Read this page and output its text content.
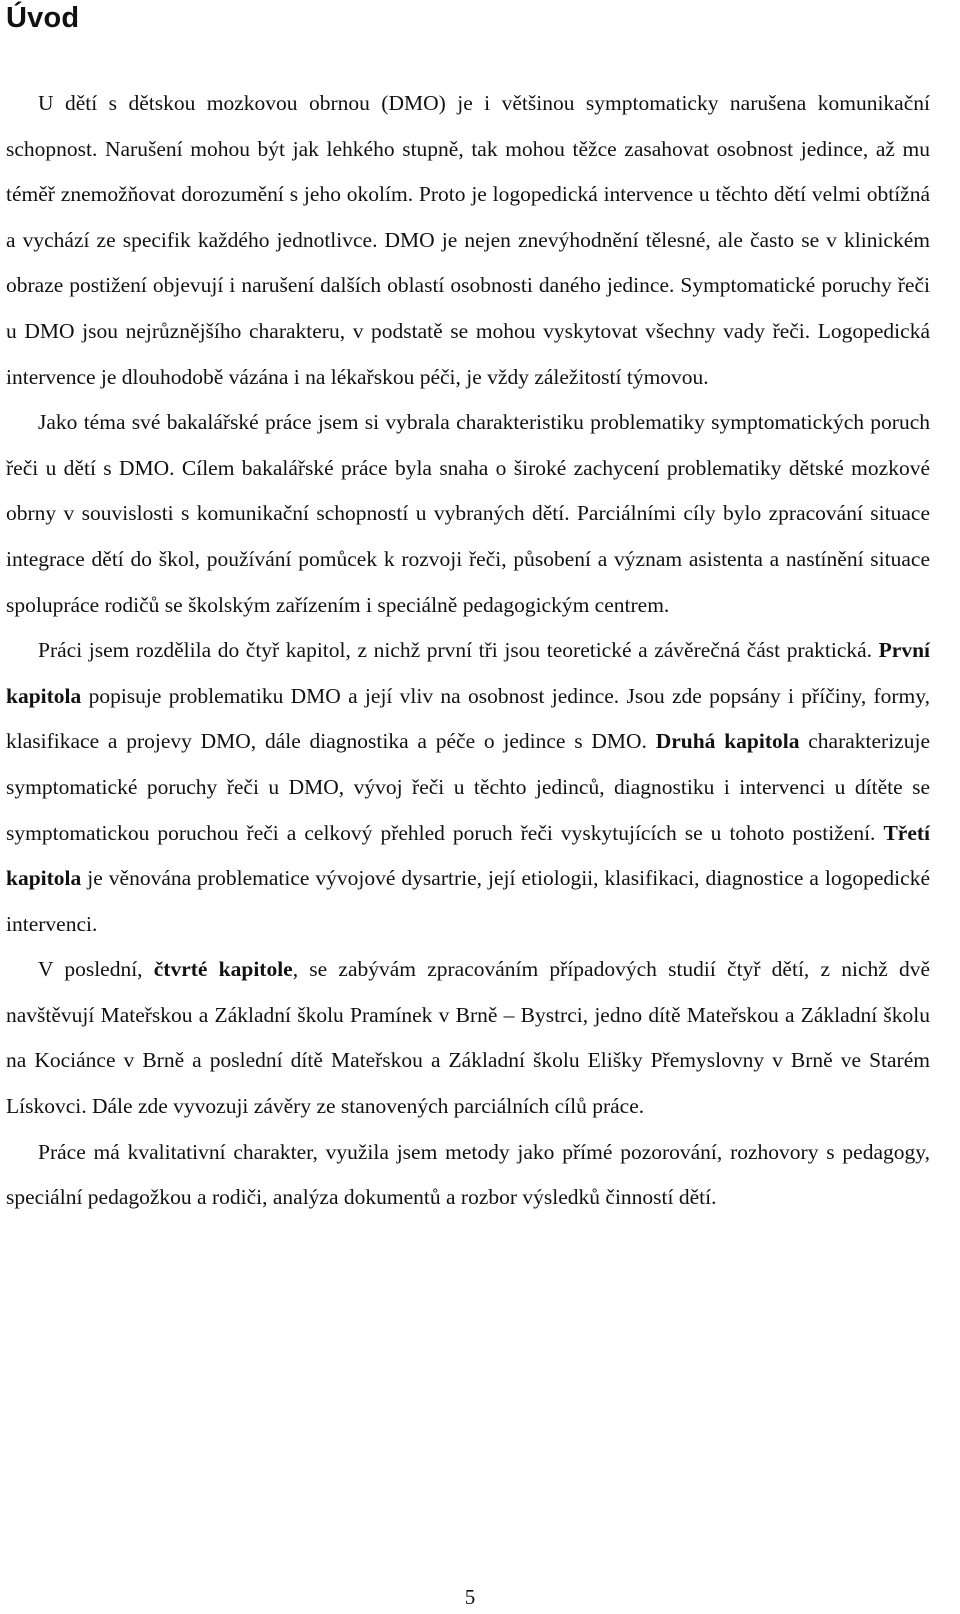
Úvod

U dětí s dětskou mozkovou obrnou (DMO) je i většinou symptomaticky narušena komunikační schopnost. Narušení mohou být jak lehkého stupně, tak mohou těžce zasahovat osobnost jedince, až mu téměř znemožňovat dorozumění s jeho okolím. Proto je logopedická intervence u těchto dětí velmi obtížná a vychází ze specifik každého jednotlivce. DMO je nejen znevýhodnění tělesné, ale často se v klinickém obraze postižení objevují i narušení dalších oblastí osobnosti daného jedince. Symptomatické poruchy řeči u DMO jsou nejrůznějšího charakteru, v podstatě se mohou vyskytovat všechny vady řeči. Logopedická intervence je dlouhodobě vázána i na lékařskou péči, je vždy záležitostí týmovou.

Jako téma své bakalářské práce jsem si vybrala charakteristiku problematiky symptomatických poruch řeči u dětí s DMO. Cílem bakalářské práce byla snaha o široké zachycení problematiky dětské mozkové obrny v souvislosti s komunikační schopností u vybraných dětí. Parciálními cíly bylo zpracování situace integrace dětí do škol, používání pomůcek k rozvoji řeči, působení a význam asistenta a nastínění situace spolupráce rodičů se školským zařízením i speciálně pedagogickým centrem.

Práci jsem rozdělila do čtyř kapitol, z nichž první tři jsou teoretické a závěrečná část praktická. První kapitola popisuje problematiku DMO a její vliv na osobnost jedince. Jsou zde popsány i příčiny, formy, klasifikace a projevy DMO, dále diagnostika a péče o jedince s DMO. Druhá kapitola charakterizuje symptomatické poruchy řeči u DMO, vývoj řeči u těchto jedinců, diagnostiku i intervenci u dítěte se symptomatickou poruchou řeči a celkový přehled poruch řeči vyskytujících se u tohoto postižení. Třetí kapitola je věnována problematice vývojové dysartrie, její etiologii, klasifikaci, diagnostice a logopedické intervenci.

V poslední, čtvrté kapitole, se zabývám zpracováním případových studií čtyř dětí, z nichž dvě navštěvují Mateřskou a Základní školu Pramínek v Brně – Bystrci, jedno dítě Mateřskou a Základní školu na Kociánce v Brně a poslední dítě Mateřskou a Základní školu Elišky Přemyslovny v Brně ve Starém Lískovci. Dále zde vyvozuji závěry ze stanovených parciálních cílů práce.

Práce má kvalitativní charakter, využila jsem metody jako přímé pozorování, rozhovory s pedagogy, speciální pedagožkou a rodiči, analýza dokumentů a rozbor výsledků činností dětí.

5
